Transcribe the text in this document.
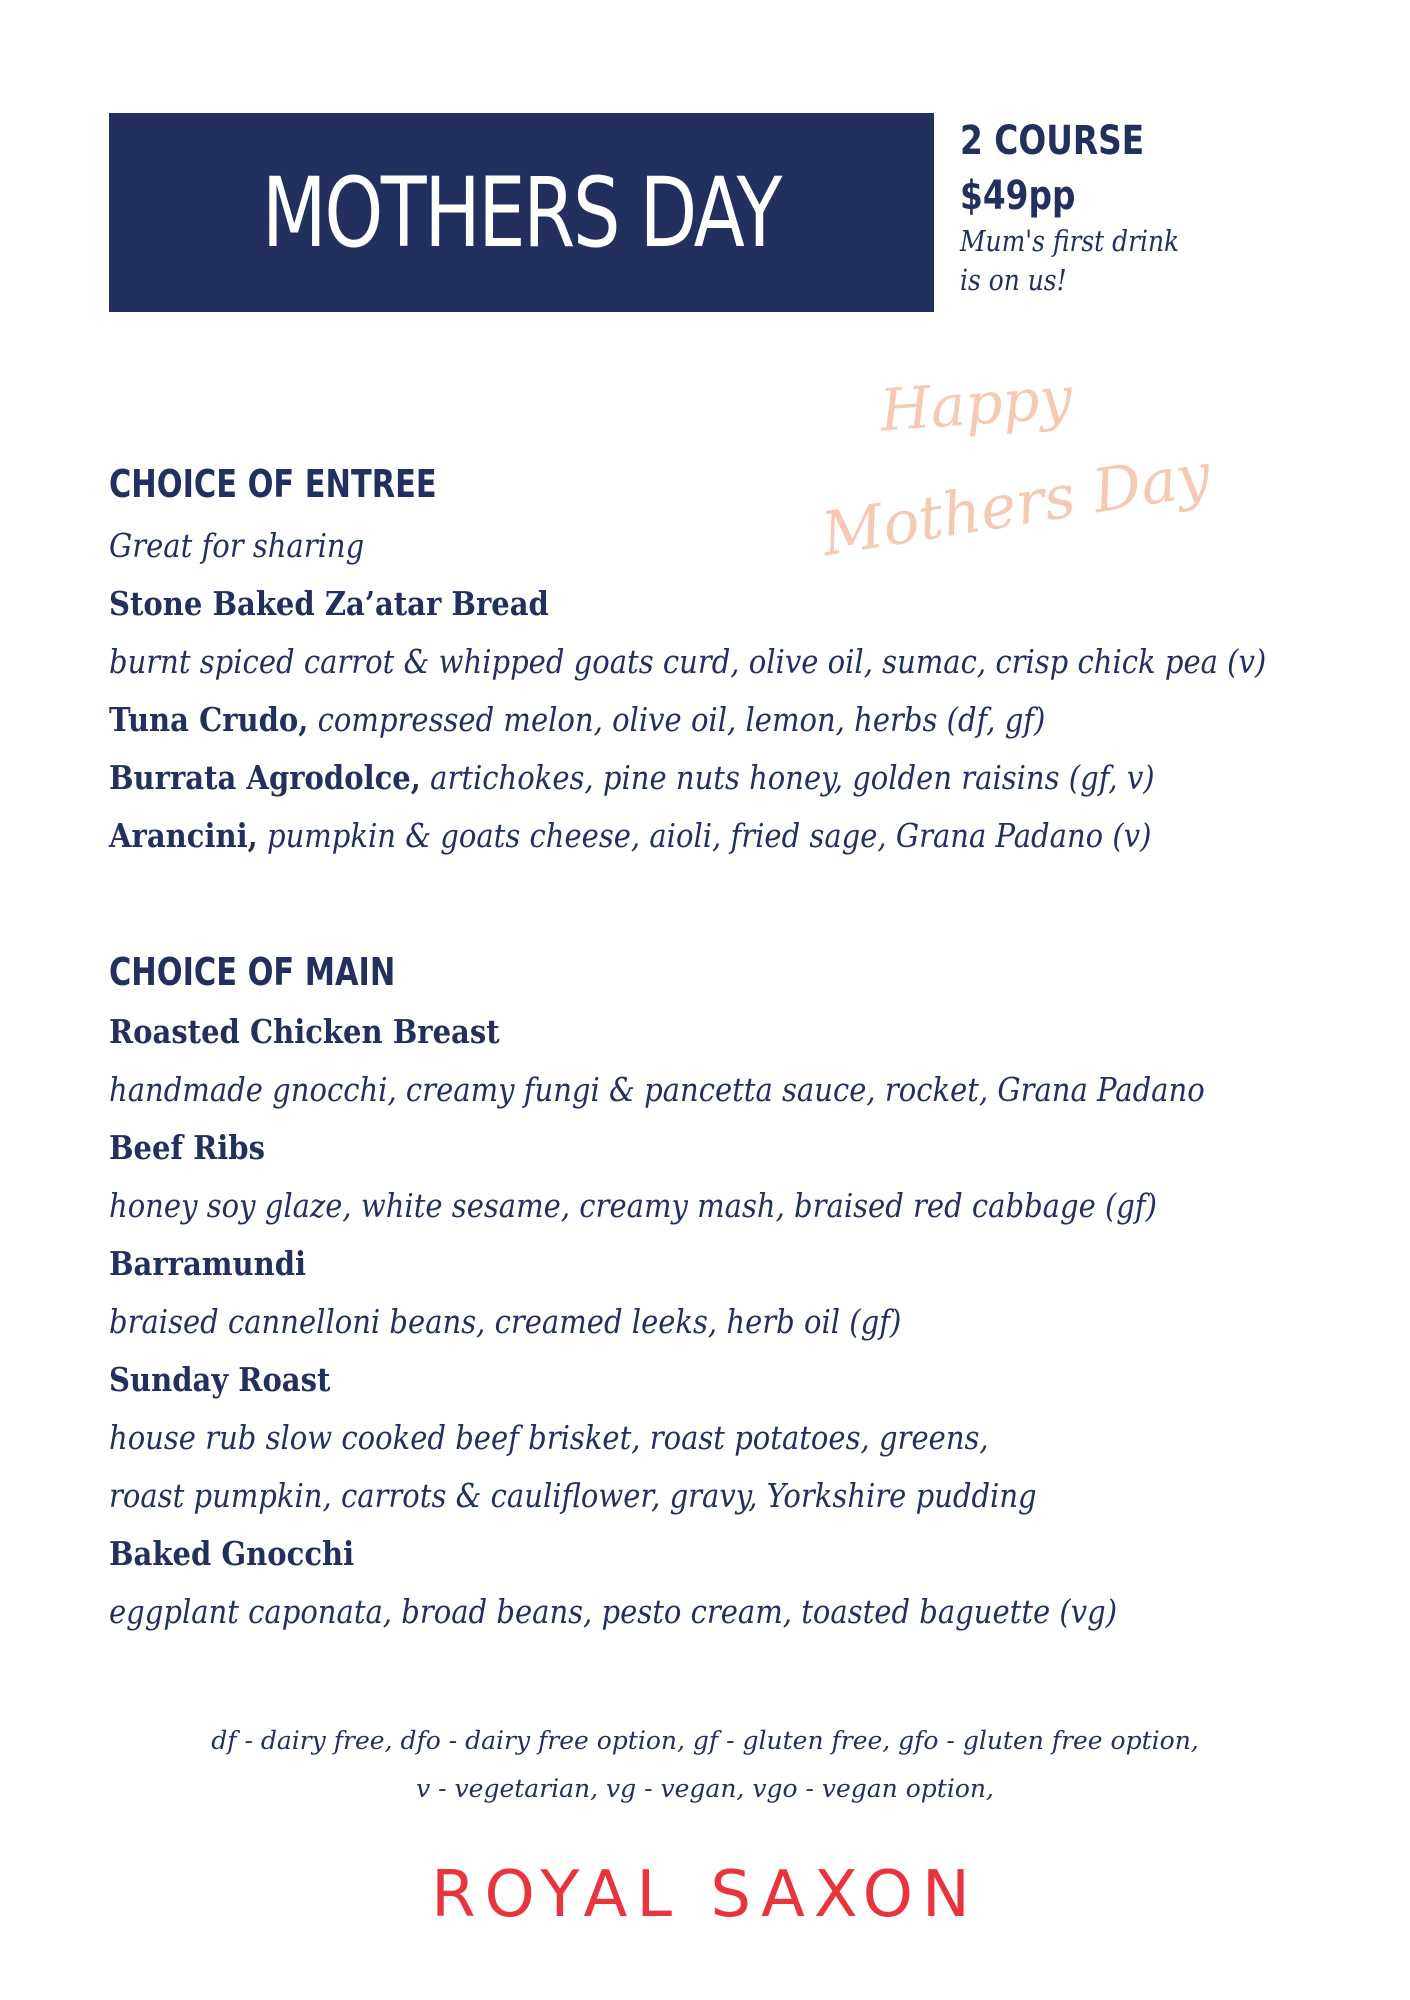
MOTHERS DAY
2 COURSE
$49pp
Mum's first drink
is on us!
Happy
Mothers Day
CHOICE OF ENTREE
Great for sharing
Stone Baked Za’atar Bread
burnt spiced carrot & whipped goats curd, olive oil, sumac, crisp chick pea (v)
Tuna Crudo, compressed melon, olive oil, lemon, herbs (df, gf)
Burrata Agrodolce, artichokes, pine nuts honey, golden raisins (gf, v)
Arancini, pumpkin & goats cheese, aioli, fried sage, Grana Padano (v)
CHOICE OF MAIN
Roasted Chicken Breast
handmade gnocchi, creamy fungi & pancetta sauce, rocket, Grana Padano
Beef Ribs
honey soy glaze, white sesame, creamy mash, braised red cabbage (gf)
Barramundi
braised cannelloni beans, creamed leeks, herb oil (gf)
Sunday Roast
house rub slow cooked beef brisket, roast potatoes, greens,
roast pumpkin, carrots & cauliflower, gravy, Yorkshire pudding
Baked Gnocchi
eggplant caponata, broad beans, pesto cream, toasted baguette (vg)
df - dairy free, dfo - dairy free option, gf - gluten free, gfo - gluten free option,
v - vegetarian, vg - vegan, vgo - vegan option,
ROYAL SAXON
